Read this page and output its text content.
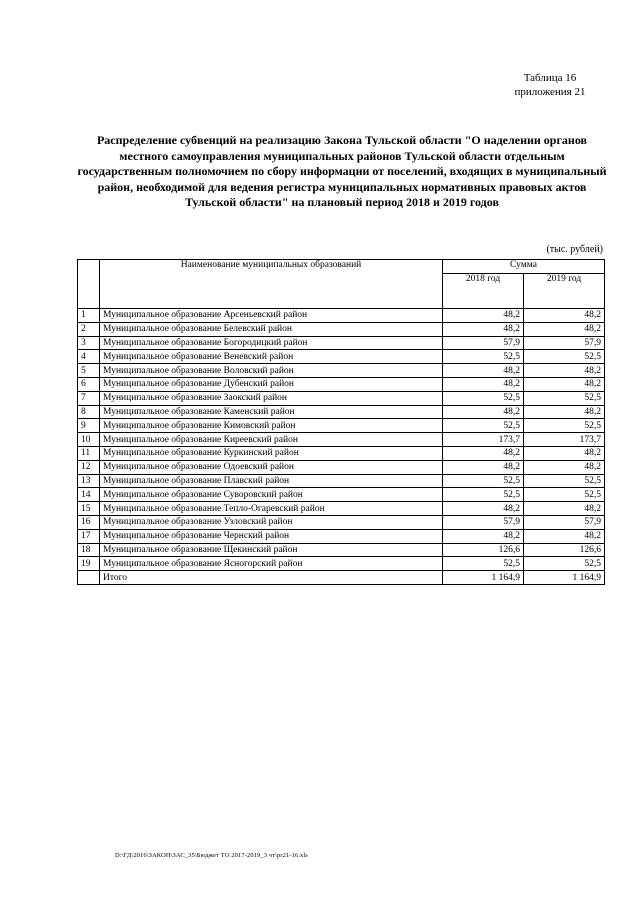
Таблица 16
приложения 21
Распределение субвенций на реализацию Закона Тульской области "О наделении органов местного самоуправления муниципальных районов Тульской области отдельным государственным полномочием по сбору информации от поселений, входящих в муниципальный район, необходимой для ведения регистра муниципальных нормативных правовых актов Тульской области" на плановый период 2018 и 2019 годов
(тыс. рублей)
	Наименование муниципальных образований	Сумма	
		2018 год	2019 год
1	Муниципальное образование Арсеньевский район	48,2	48,2
2	Муниципальное образование Белевский район	48,2	48,2
3	Муниципальное образование Богородицкий район	57,9	57,9
4	Муниципальное образование Веневский район	52,5	52,5
5	Муниципальное образование Воловский район	48,2	48,2
6	Муниципальное образование Дубенский район	48,2	48,2
7	Муниципальное образование Заокский район	52,5	52,5
8	Муниципальное образование Каменский район	48,2	48,2
9	Муниципальное образование Кимовский район	52,5	52,5
10	Муниципальное образование Киреевский район	173,7	173,7
11	Муниципальное образование Куркинский район	48,2	48,2
12	Муниципальное образование Одоевский район	48,2	48,2
13	Муниципальное образование Плавский район	52,5	52,5
14	Муниципальное образование Суворовский район	52,5	52,5
15	Муниципальное образование Тепло-Огаревский район	48,2	48,2
16	Муниципальное образование Узловский район	57,9	57,9
17	Муниципальное образование Чернский район	48,2	48,2
18	Муниципальное образование Щекинский район	126,6	126,6
19	Муниципальное образование Ясногорский район	52,5	52,5
	Итого	1 164,9	1 164,9
D:\ГД\2016\ЗАКОН\ЗАС_35\Бюджет ТО 2017-2019_3 чт\pr21-16.xls
